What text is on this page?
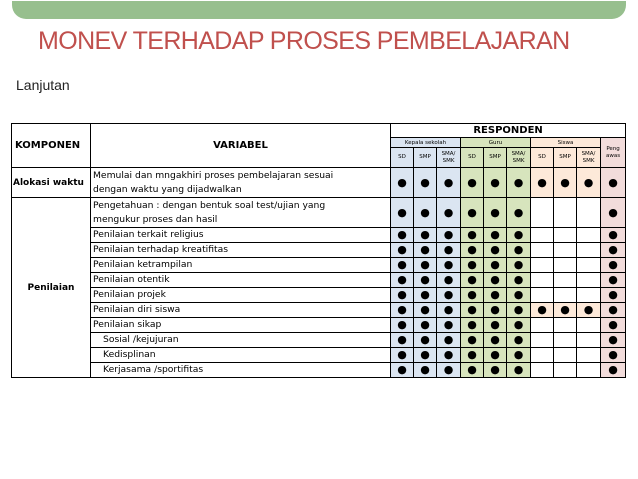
MONEV TERHADAP PROSES PEMBELAJARAN
Lanjutan
KOMPONEN	VARIABEL	RESPONDEN									
		Kepala sekolah			Guru			Siswa			Peng awas
		SD	SMP	SMA/ SMK	SD	SMP	SMA/ SMK	SD	SMP	SMA/ SMK	
Alokasi waktu	Memulai dan mngakhiri proses pembelajaran sesuai
dengan waktu yang dijadwalkan	●	●	●	●	●	●	●	●	●	●
Penilaian	Pengetahuan : dengan bentuk soal test/ujian yang
mengukur proses dan hasil	●	●	●	●	●	●				●

	Penilaian terkait religius	●	●	●	●	●	●				●

	Penilaian terhadap kreatifitas	●	●	●	●	●	●				●

	Penilaian ketrampilan	●	●	●	●	●	●				●

	Penilaian otentik	●	●	●	●	●	●				●

	Penilaian projek	●	●	●	●	●	●				●

	Penilaian diri siswa	●	●	●	●	●	●	●	●	●	●

	Penilaian sikap	●	●	●	●	●	●				●

	Sosial /kejujuran	●	●	●	●	●	●				●

	Kedisplinan	●	●	●	●	●	●				●

	Kerjasama /sportifitas	●	●	●	●	●	●				●
